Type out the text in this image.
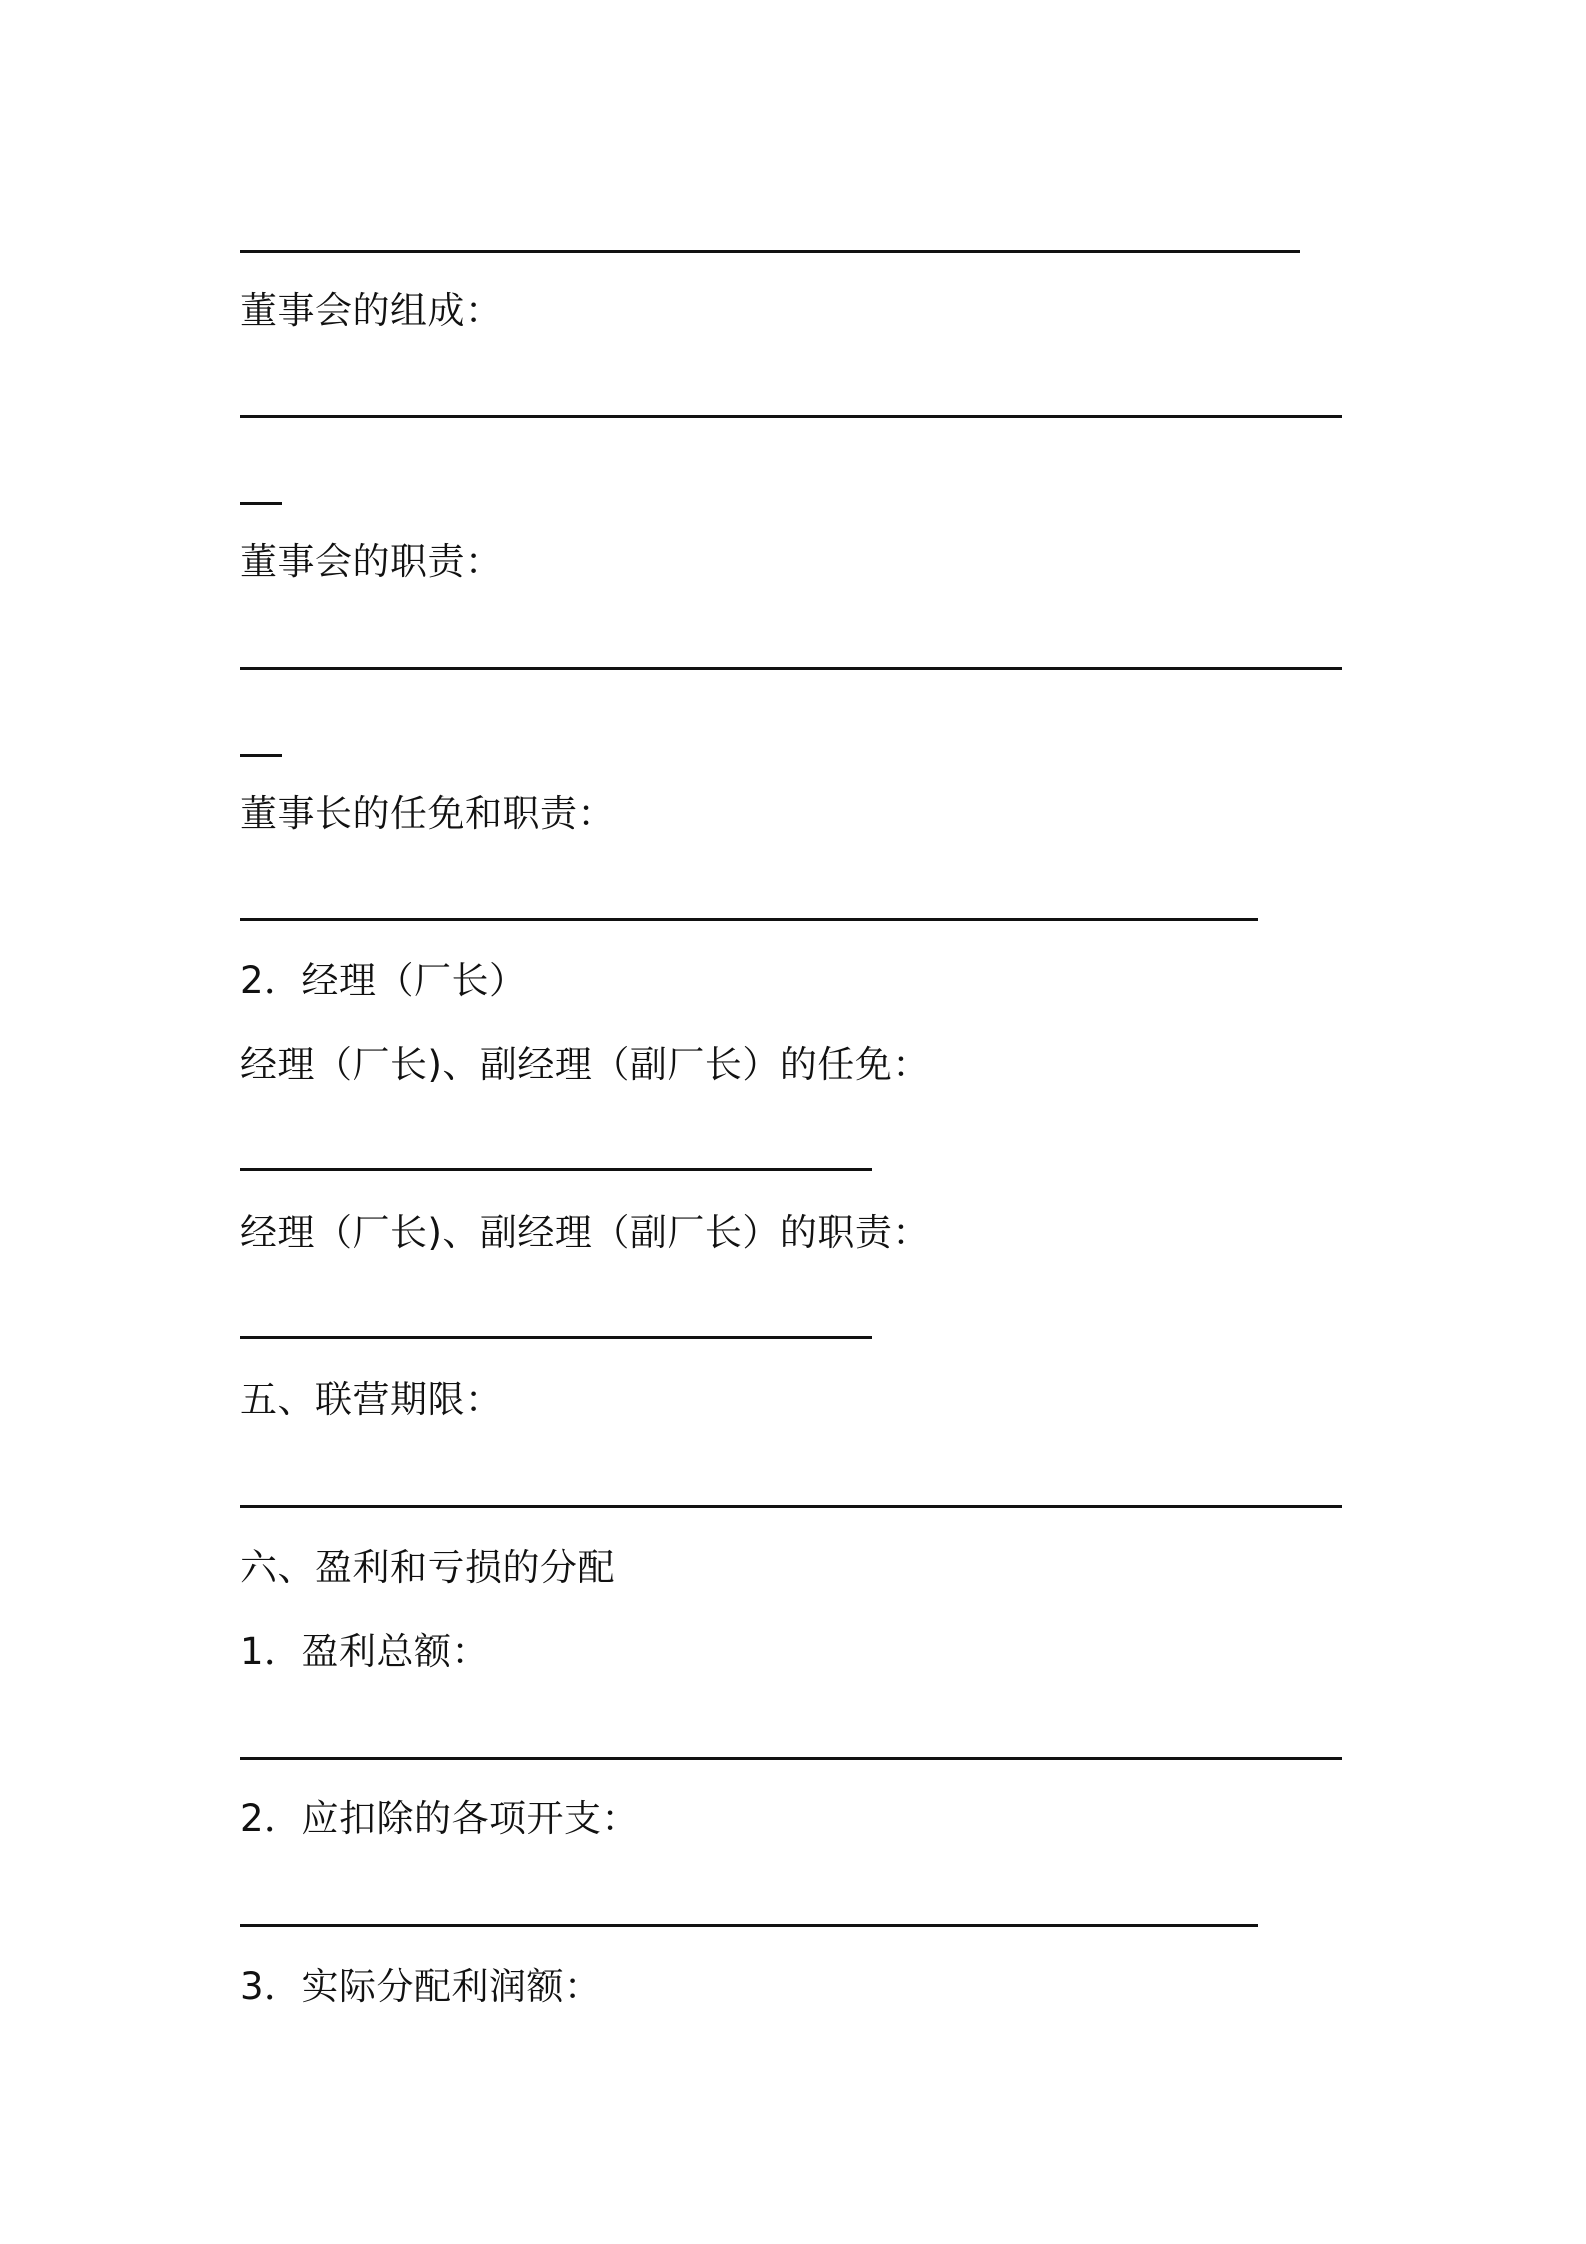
董事会的组成：
董事会的职责：
董事长的任免和职责：
2．经理（厂长）
经理（厂长)、副经理（副厂长）的任免：
经理（厂长)、副经理（副厂长）的职责：
五、联营期限：
六、盈利和亏损的分配
1．盈利总额：
2．应扣除的各项开支：
3．实际分配利润额：
